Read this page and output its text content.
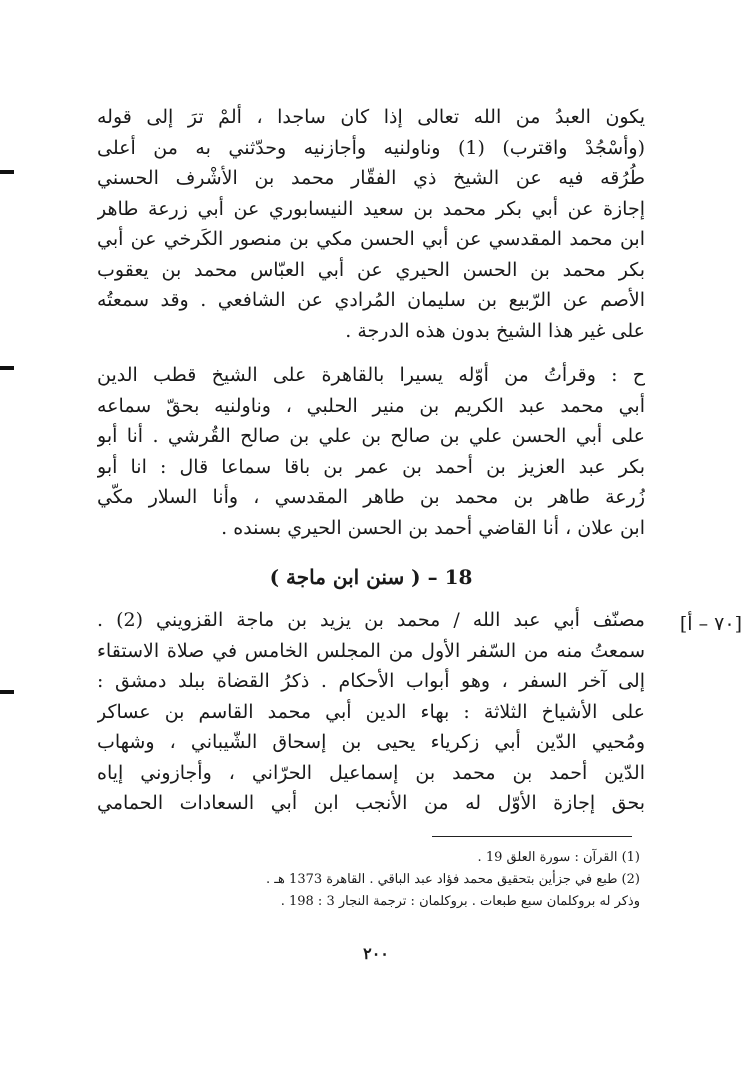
يكون العبدُ من الله تعالى إذا كان ساجدا ، ألمْ ترَ إلى قوله
(وأسْجُدْ واقترب) (1) وناولنيه وأجازنيه وحدّثني به من أعلى
طُرُقه فيه عن الشيخ ذي الفقّار محمد بن الأشْرف الحسني
إجازة عن أبي بكر محمد بن سعيد النيسابوري عن أبي زرعة طاهر
ابن محمد المقدسي عن أبي الحسن مكي بن منصور الكَرخي عن أبي
بكر محمد بن الحسن الحيري عن أبي العبّاس محمد بن يعقوب
الأصم عن الرّبيع بن سليمان المُرادي عن الشافعي . وقد سمعتُه
على غير هذا الشيخ بدون هذه الدرجة .
ح : وقرأتُ من أوّله يسيرا بالقاهرة على الشيخ قطب الدين
أبي محمد عبد الكريم بن منير الحلبي ، وناولنيه بحقّ سماعه
على أبي الحسن علي بن صالح بن علي بن صالح القُرشي . أنا أبو
بكر عبد العزيز بن أحمد بن عمر بن باقا سماعا قال : انا أبو
زُرعة طاهر بن محمد بن طاهر المقدسي ، وأنا السلار مكّي
ابن علان ، أنا القاضي أحمد بن الحسن الحيري بسنده .
18 – ( سنن ابن ماجة )
[٧٠ – أ]
مصنّف أبي عبد الله / محمد بن يزيد بن ماجة القزويني (2) .
سمعتُ منه من السّفر الأول من المجلس الخامس في صلاة الاستقاء
إلى آخر السفر ، وهو أبواب الأحكام . ذكرُ القضاة ببلد دمشق :
على الأشياخ الثلاثة : بهاء الدين أبي محمد القاسم بن عساكر
ومُحيي الدّين أبي زكرياء يحيى بن إسحاق الشّيباني ، وشهاب
الدّين أحمد بن محمد بن إسماعيل الحرّاني ، وأجازوني إياه
بحق إجازة الأوّل له من الأنجب ابن أبي السعادات الحمامي
(1) القرآن : سورة العلق 19 .
(2) طبع في جزأين بتحقيق محمد فؤاد عبد الباقي . القاهرة 1373 هـ .
وذكر له بروكلمان سبع طبعات . بروكلمان : ترجمة النجار 3 : 198 .
٢٠٠
